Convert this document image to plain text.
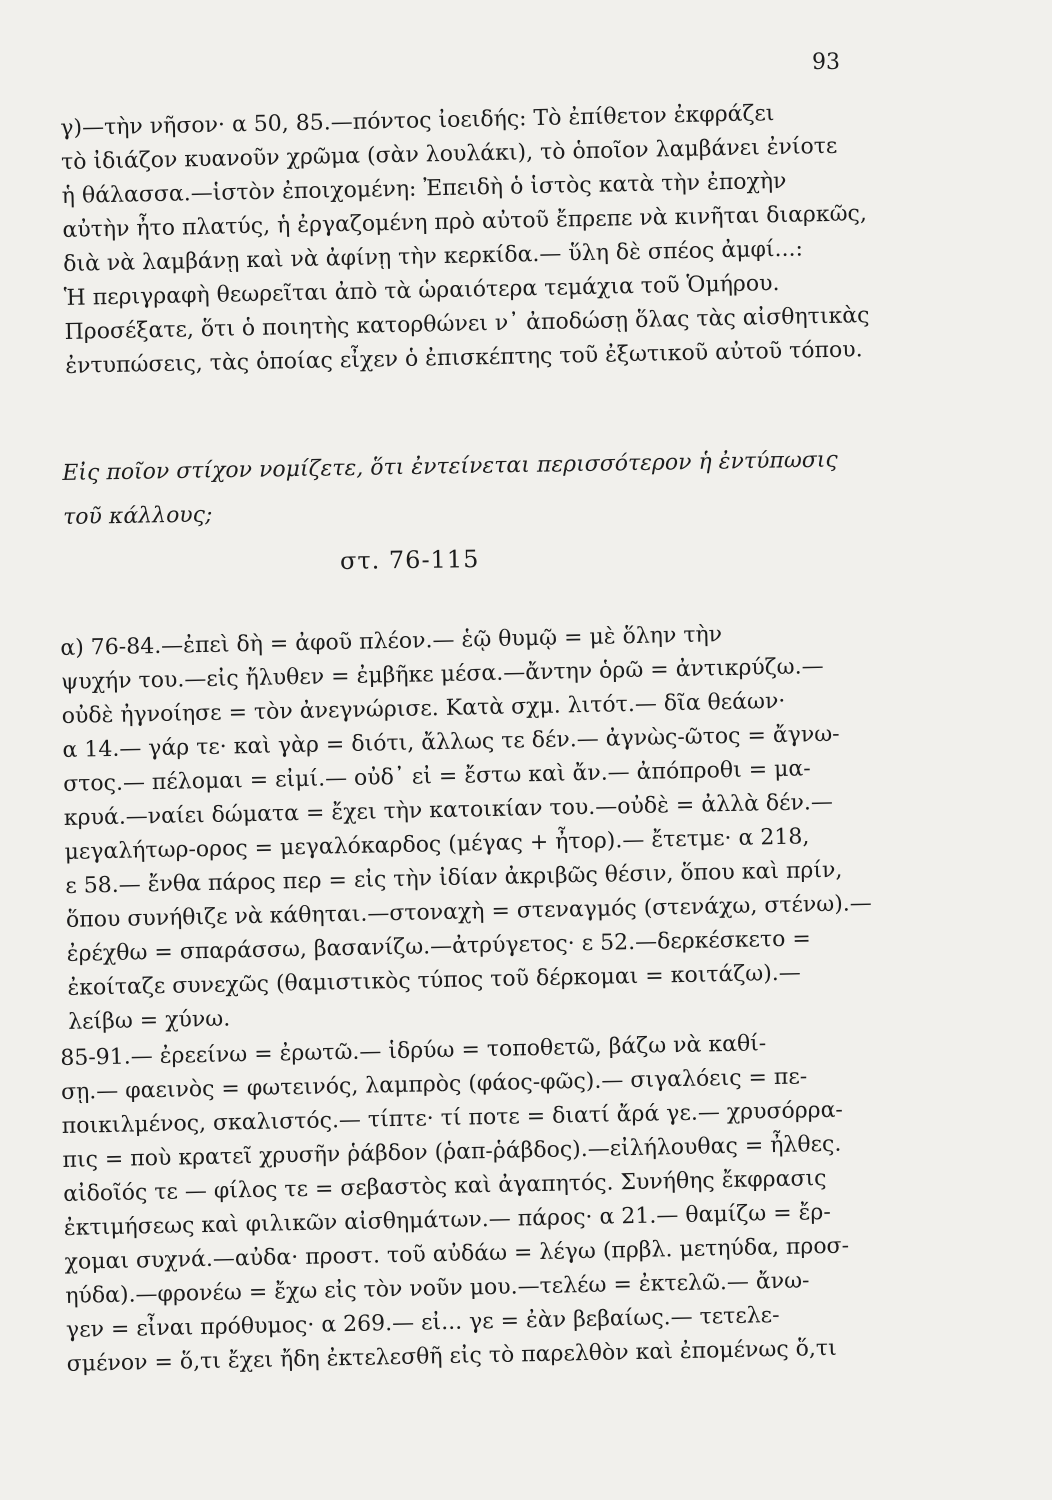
93
γ)—τὴν νῆσον· α 50, 85.—πόντος ἰοειδής: Τὸ ἐπίθετον ἐκφράζει
τὸ ἰδιάζον κυανοῦν χρῶμα (σὰν λουλάκι), τὸ ὁποῖον λαμβάνει ἐνίοτε
ἡ θάλασσα.—ἱστὸν ἐποιχομένη: Ἐπειδὴ ὁ ἱστὸς κατὰ τὴν ἐποχὴν
αὐτὴν ἦτο πλατύς, ἡ ἐργαζομένη πρὸ αὐτοῦ ἔπρεπε νὰ κινῆται διαρκῶς,
διὰ νὰ λαμβάνῃ καὶ νὰ ἀφίνῃ τὴν κερκίδα.— ὕλη δὲ σπέος ἀμφί...:
Ἡ περιγραφὴ θεωρεῖται ἀπὸ τὰ ὡραιότερα τεμάχια τοῦ Ὁμήρου.
Προσέξατε, ὅτι ὁ ποιητὴς κατορθώνει ν᾿ ἀποδώσῃ ὅλας τὰς αἰσθητικὰς
ἐντυπώσεις, τὰς ὁποίας εἶχεν ὁ ἐπισκέπτης τοῦ ἐξωτικοῦ αὐτοῦ τόπου.
Εἰς ποῖον στίχον νομίζετε, ὅτι ἐντείνεται περισσότερον ἡ ἐντύπωσις
τοῦ κάλλους;
στ. 76-115
α) 76-84.—ἐπεὶ δὴ = ἀφοῦ πλέον.— ἑῷ θυμῷ = μὲ ὅλην τὴν
ψυχήν του.—εἰς ἤλυθεν = ἐμβῆκε μέσα.—ἄντην ὁρῶ = ἀντικρύζω.—
οὐδὲ ἠγνοίησε = τὸν ἀνεγνώρισε. Κατὰ σχμ. λιτότ.— δῖα θεάων·
α 14.— γάρ τε· καὶ γὰρ = διότι, ἄλλως τε δέν.— ἀγνὼς-ῶτος = ἄγνω-
στος.— πέλομαι = εἰμί.— οὐδ᾿ εἰ = ἔστω καὶ ἄν.— ἀπόπροθι = μα-
κρυά.—ναίει δώματα = ἔχει τὴν κατοικίαν του.—οὐδὲ = ἀλλὰ δέν.—
μεγαλήτωρ-ορος = μεγαλόκαρδος (μέγας + ἦτορ).— ἔτετμε· α 218,
ε 58.— ἔνθα πάρος περ = εἰς τὴν ἰδίαν ἀκριβῶς θέσιν, ὅπου καὶ πρίν,
ὅπου συνήθιζε νὰ κάθηται.—στοναχὴ = στεναγμός (στενάχω, στένω).—
ἐρέχθω = σπαράσσω, βασανίζω.—ἀτρύγετος· ε 52.—δερκέσκετο =
ἐκοίταζε συνεχῶς (θαμιστικὸς τύπος τοῦ δέρκομαι = κοιτάζω).—
λείβω = χύνω.
85-91.— ἐρεείνω = ἐρωτῶ.— ἱδρύω = τοποθετῶ, βάζω νὰ καθί-
σῃ.— φαεινὸς = φωτεινός, λαμπρὸς (φάος-φῶς).— σιγαλόεις = πε-
ποικιλμένος, σκαλιστός.— τίπτε· τί ποτε = διατί ἄρά γε.— χρυσόρρα-
πις = ποὺ κρατεῖ χρυσῆν ῥάβδον (ῥαπ-ῥάβδος).—εἰλήλουθας = ἦλθες.
αἰδοῖός τε — φίλος τε = σεβαστὸς καὶ ἀγαπητός. Συνήθης ἔκφρασις
ἐκτιμήσεως καὶ φιλικῶν αἰσθημάτων.— πάρος· α 21.— θαμίζω = ἔρ-
χομαι συχνά.—αὐδα· προστ. τοῦ αὐδάω = λέγω (πρβλ. μετηύδα, προσ-
ηύδα).—φρονέω = ἔχω εἰς τὸν νοῦν μου.—τελέω = ἐκτελῶ.— ἄνω-
γεν = εἶναι πρόθυμος· α 269.— εἰ... γε = ἐὰν βεβαίως.— τετελε-
σμένον = ὅ,τι ἔχει ἤδη ἐκτελεσθῆ εἰς τὸ παρελθὸν καὶ ἐπομένως ὅ,τι
